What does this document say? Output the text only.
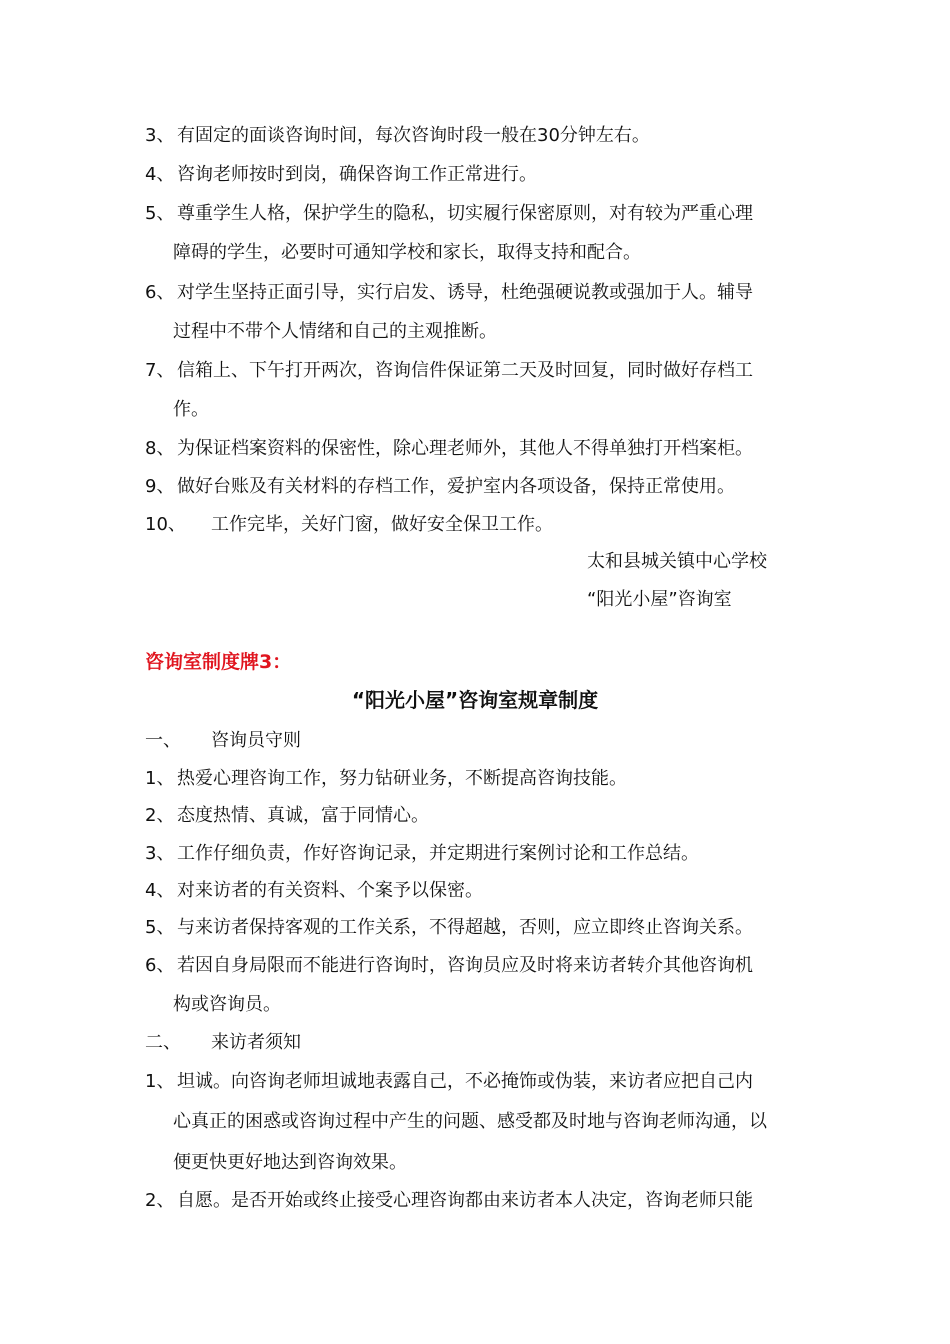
3、 有固定的面谈咨询时间，每次咨询时段一般在30分钟左右。
4、 咨询老师按时到岗，确保咨询工作正常进行。
5、 尊重学生人格，保护学生的隐私，切实履行保密原则，对有较为严重心理
障碍的学生，必要时可通知学校和家长，取得支持和配合。
6、 对学生坚持正面引导，实行启发、诱导，杜绝强硬说教或强加于人。辅导
过程中不带个人情绪和自己的主观推断。
7、 信箱上、下午打开两次，咨询信件保证第二天及时回复，同时做好存档工
作。
8、 为保证档案资料的保密性，除心理老师外，其他人不得单独打开档案柜。
9、 做好台账及有关材料的存档工作，爱护室内各项设备，保持正常使用。
10、 工作完毕，关好门窗，做好安全保卫工作。
太和县城关镇中心学校
“阳光小屋”咨询室
咨询室制度牌3：
“阳光小屋”咨询室规章制度
一、 咨询员守则
1、 热爱心理咨询工作，努力钻研业务，不断提高咨询技能。
2、 态度热情、真诚，富于同情心。
3、 工作仔细负责，作好咨询记录，并定期进行案例讨论和工作总结。
4、 对来访者的有关资料、个案予以保密。
5、 与来访者保持客观的工作关系，不得超越，否则，应立即终止咨询关系。
6、 若因自身局限而不能进行咨询时，咨询员应及时将来访者转介其他咨询机
构或咨询员。
二、 来访者须知
1、 坦诚。向咨询老师坦诚地表露自己，不必掩饰或伪装，来访者应把自己内
心真正的困惑或咨询过程中产生的问题、感受都及时地与咨询老师沟通，以
便更快更好地达到咨询效果。
2、 自愿。是否开始或终止接受心理咨询都由来访者本人决定，咨询老师只能
